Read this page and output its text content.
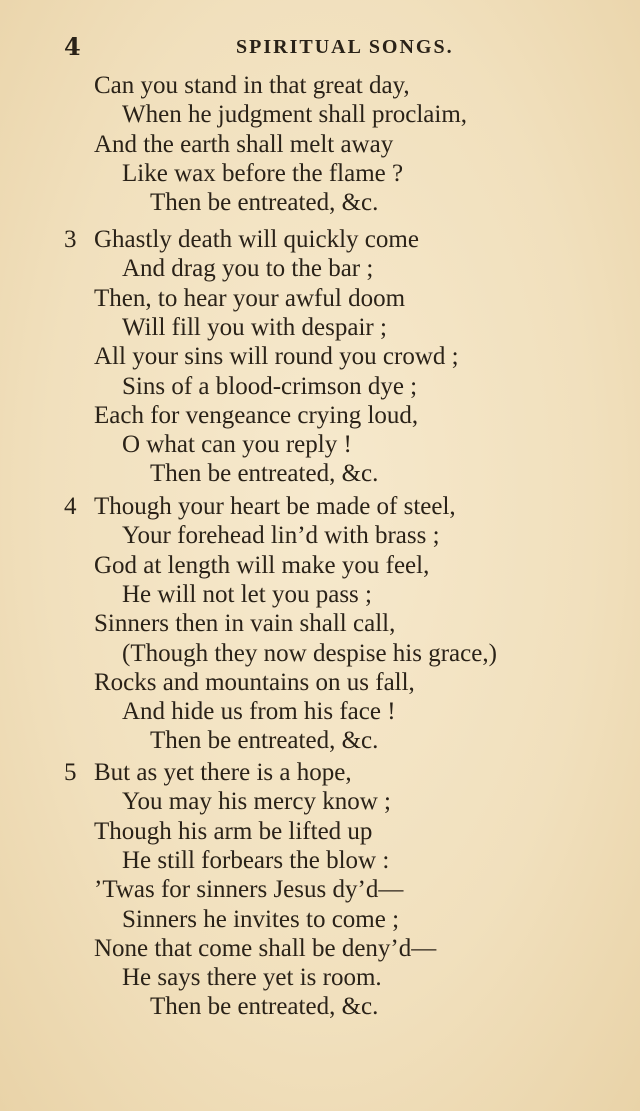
4	SPIRITUAL SONGS.
Can you stand in that great day,
When he judgment shall proclaim,
And the earth shall melt away
Like wax before the flame ?
Then be entreated, &c.
3 Ghastly death will quickly come
And drag you to the bar ;
Then, to hear your awful doom
Will fill you with despair ;
All your sins will round you crowd ;
Sins of a blood-crimson dye ;
Each for vengeance crying loud,
O what can you reply !
Then be entreated, &c.
4 Though your heart be made of steel,
Your forehead lin’d with brass ;
God at length will make you feel,
He will not let you pass ;
Sinners then in vain shall call,
(Though they now despise his grace,)
Rocks and mountains on us fall,
And hide us from his face !
Then be entreated, &c.
5 But as yet there is a hope,
You may his mercy know ;
Though his arm be lifted up
He still forbears the blow :
’Twas for sinners Jesus dy’d—
Sinners he invites to come ;
None that come shall be deny’d—
He says there yet is room.
Then be entreated, &c.
